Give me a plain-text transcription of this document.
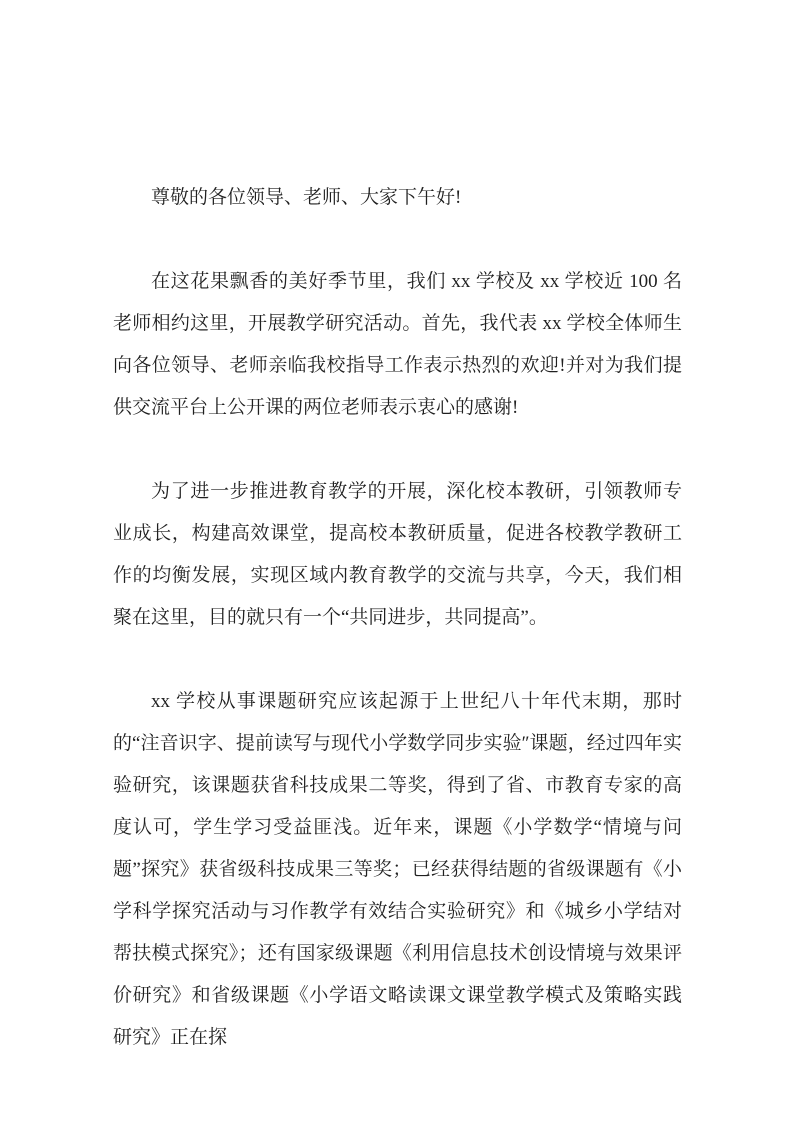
尊敬的各位领导、老师、大家下午好!

在这花果飘香的美好季节里，我们 xx 学校及 xx 学校近 100 名老师相约这里，开展教学研究活动。首先，我代表 xx 学校全体师生向各位领导、老师亲临我校指导工作表示热烈的欢迎!并对为我们提供交流平台上公开课的两位老师表示衷心的感谢!

为了进一步推进教育教学的开展，深化校本教研，引领教师专业成长，构建高效课堂，提高校本教研质量，促进各校教学教研工作的均衡发展，实现区域内教育教学的交流与共享，今天，我们相聚在这里，目的就只有一个“共同进步，共同提高”。

xx 学校从事课题研究应该起源于上世纪八十年代末期，那时的“注音识字、提前读写与现代小学数学同步实验″课题，经过四年实验研究，该课题获省科技成果二等奖，得到了省、市教育专家的高度认可，学生学习受益匪浅。近年来，课题《小学数学“情境与问题”探究》获省级科技成果三等奖；已经获得结题的省级课题有《小学科学探究活动与习作教学有效结合实验研究》和《城乡小学结对帮扶模式探究》；还有国家级课题《利用信息技术创设情境与效果评价研究》和省级课题《小学语文略读课文课堂教学模式及策略实践研究》正在探
